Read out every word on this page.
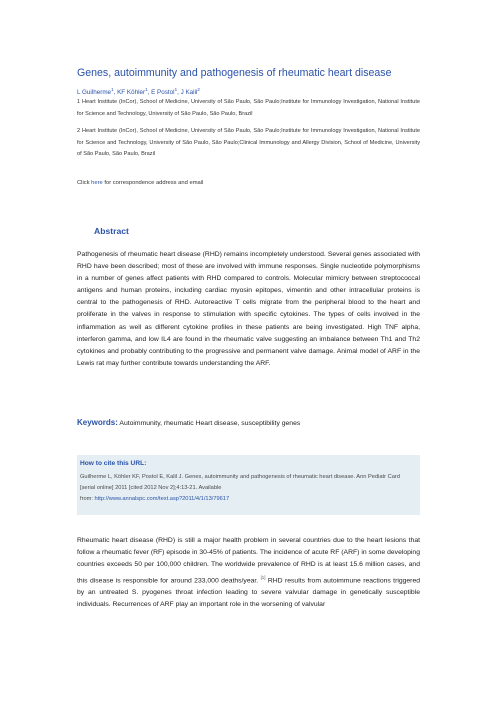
Genes, autoimmunity and pathogenesis of rheumatic heart disease
L Guilherme$^1$, KF Köhler$^1$, E Postol$^1$, J Kalil$^2$
1 Heart Institute (InCor), School of Medicine, University of São Paulo, São Paulo;Institute for Immunology Investigation, National Institute for Science and Technology, University of São Paulo, São Paulo, Brazil
2 Heart Institute (InCor), School of Medicine, University of São Paulo, São Paulo;Institute for Immunology Investigation, National Institute for Science and Technology, University of São Paulo, São Paulo;Clinical Immunology and Allergy Division, School of Medicine, University of São Paulo, São Paulo, Brazil
Click here for correspondence address and email
Abstract
Pathogenesis of rheumatic heart disease (RHD) remains incompletely understood. Several genes associated with RHD have been described; most of these are involved with immune responses. Single nucleotide polymorphisms in a number of genes affect patients with RHD compared to controls. Molecular mimicry between streptococcal antigens and human proteins, including cardiac myosin epitopes, vimentin and other intracellular proteins is central to the pathogenesis of RHD. Autoreactive T cells migrate from the peripheral blood to the heart and proliferate in the valves in response to stimulation with specific cytokines. The types of cells involved in the inflammation as well as different cytokine profiles in these patients are being investigated. High TNF alpha, interferon gamma, and low IL4 are found in the rheumatic valve suggesting an imbalance between Th1 and Th2 cytokines and probably contributing to the progressive and permanent valve damage. Animal model of ARF in the Lewis rat may further contribute towards understanding the ARF.
Keywords: Autoimmunity, rheumatic Heart disease, susceptibility genes
How to cite this URL:
Guilherme L, Köhler KF, Postol E, Kalil J. Genes, autoimmunity and pathogenesis of rheumatic heart disease. Ann Pediatr Card [serial online] 2011 [cited 2012 Nov 2];4:13-21. Available
from: http://www.annalspc.com/text.asp?2011/4/1/13/79617
Rheumatic heart disease (RHD) is still a major health problem in several countries due to the heart lesions that follow a rheumatic fever (RF) episode in 30-45% of patients. The incidence of acute RF (ARF) in some developing countries exceeds 50 per 100,000 children. The worldwide prevalence of RHD is at least 15.6 million cases, and this disease is responsible for around 233,000 deaths/year. [1] RHD results from autoimmune reactions triggered by an untreated S. pyogenes throat infection leading to severe valvular damage in genetically susceptible individuals. Recurrences of ARF play an important role in the worsening of valvular
